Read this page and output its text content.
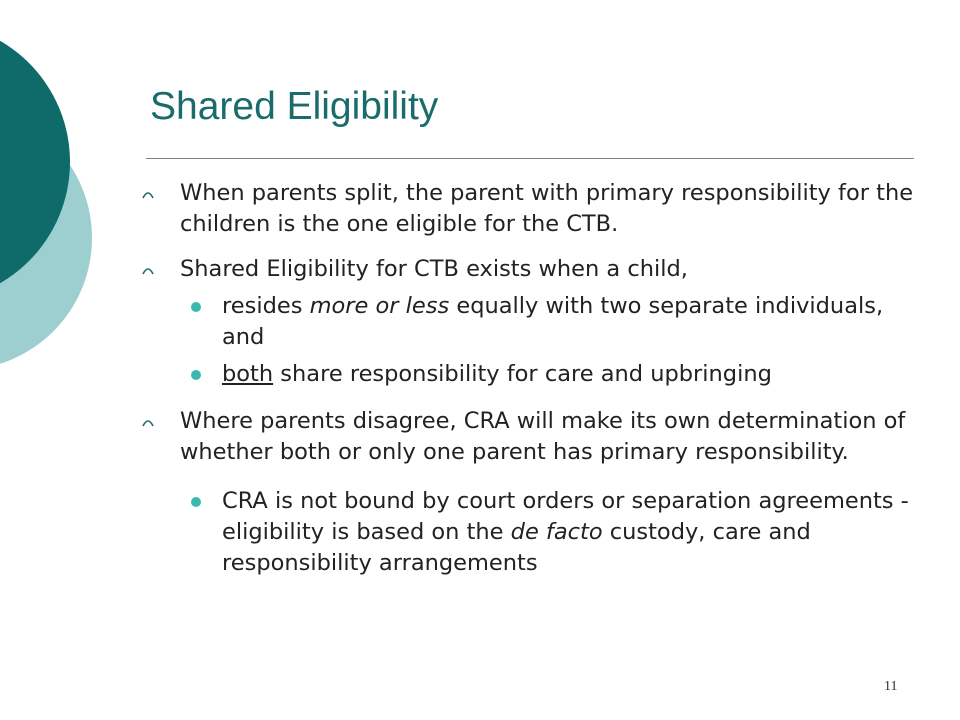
Shared Eligibility
When parents split, the parent with primary responsibility for the children is the one eligible for the CTB.
Shared Eligibility for CTB exists when a child,
resides more or less equally with two separate individuals, and
both share responsibility for care and upbringing
Where parents disagree, CRA will make its own determination of whether both or only one parent has primary responsibility.
CRA is not bound by court orders or separation agreements - eligibility is based on the de facto custody, care and responsibility arrangements
11
